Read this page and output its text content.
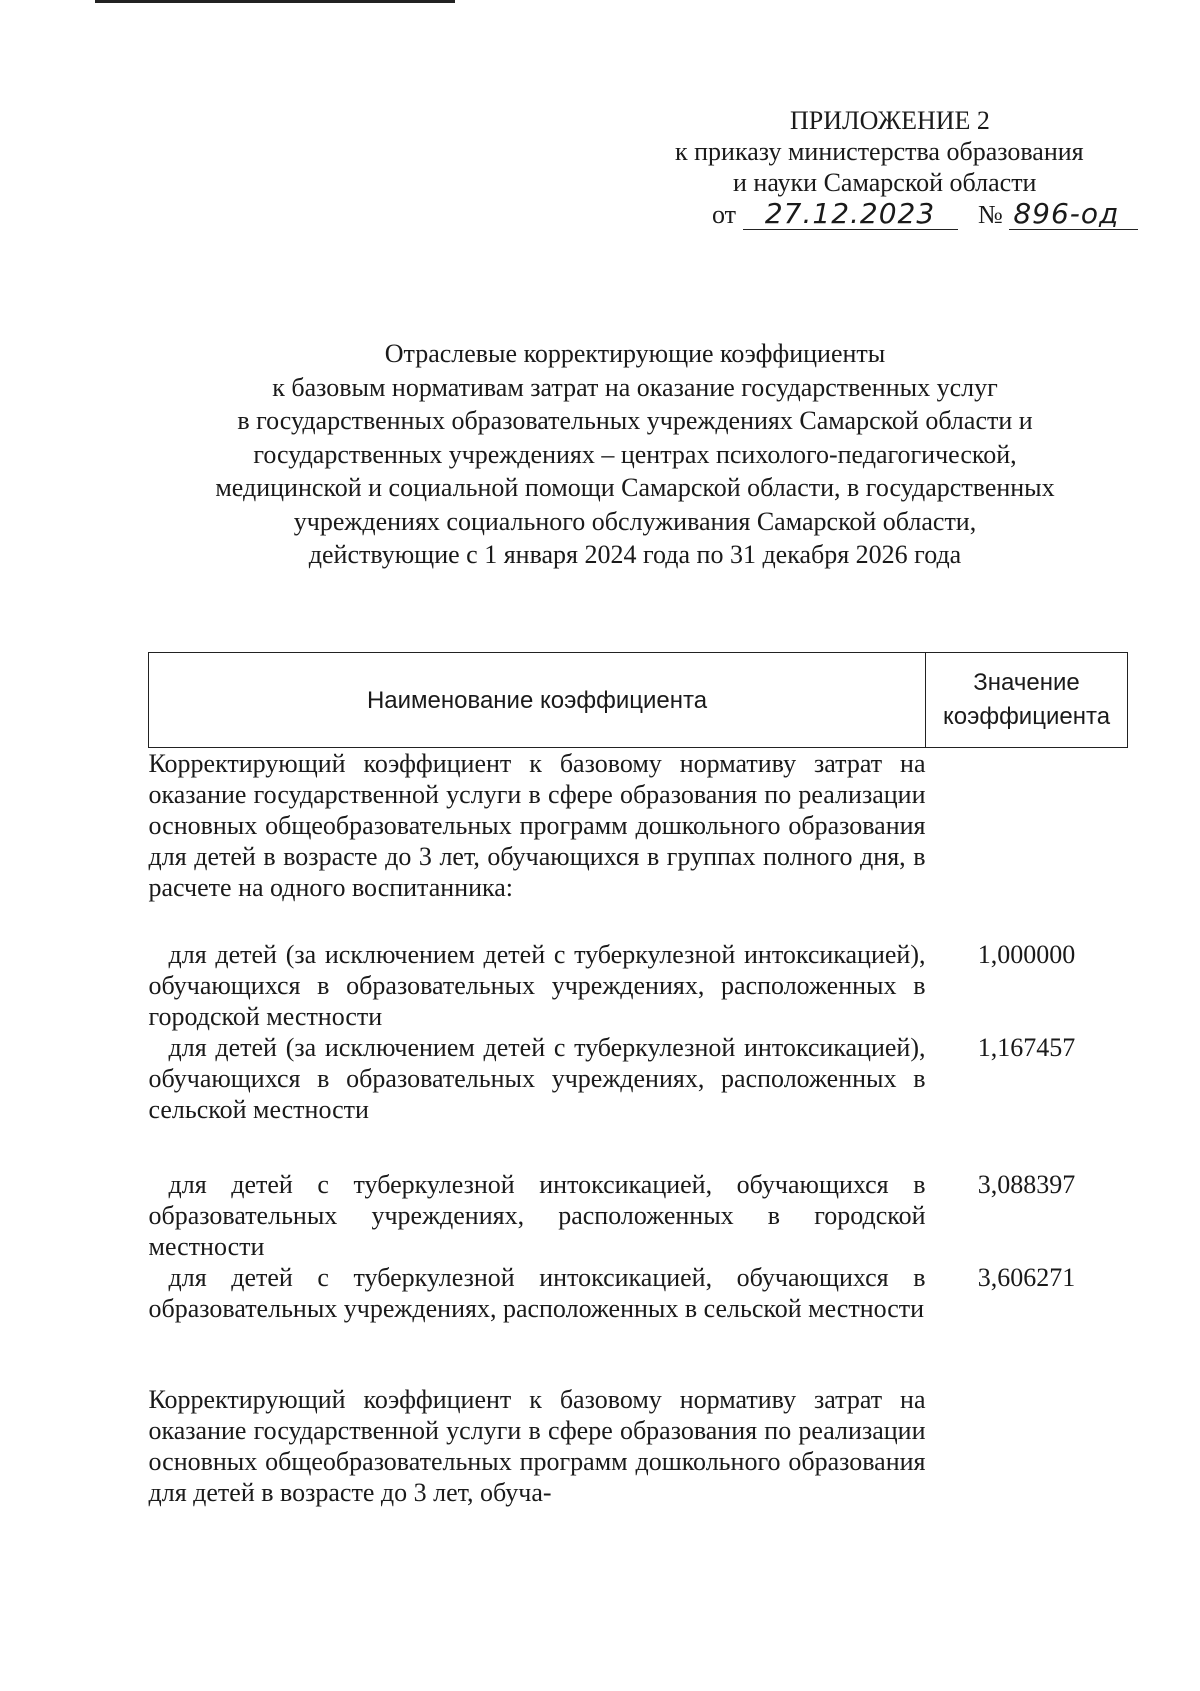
ПРИЛОЖЕНИЕ 2
к приказу министерства образования
и науки Самарской области
от 27.12.2023 № 896-од
Отраслевые корректирующие коэффициенты
к базовым нормативам затрат на оказание государственных услуг
в государственных образовательных учреждениях Самарской области и
государственных учреждениях – центрах психолого-педагогической,
медицинской и социальной помощи Самарской области, в государственных
учреждениях социального обслуживания Самарской области,
действующие с 1 января 2024 года по 31 декабря 2026 года
Наименование коэффициента	Значение
коэффициента

Корректирующий коэффициент к базовому нормативу затрат на оказание государственной услуги в сфере образования по реализации основных общеобразовательных программ дошкольного образования для детей в возрасте до 3 лет, обучающихся в группах полного дня, в расчете на одного воспитанника:	

для детей (за исключением детей с туберкулезной интоксикацией), обучающихся в образовательных учреждениях, расположенных в городской местности	1,000000
для детей (за исключением детей с туберкулезной интоксикацией), обучающихся в образовательных учреждениях, расположенных в сельской местности	1,167457

для детей с туберкулезной интоксикацией, обучающихся в образовательных учреждениях, расположенных в городской местности	3,088397
для детей с туберкулезной интоксикацией, обучающихся в образовательных учреждениях, расположенных в сельской местности	3,606271

Корректирующий коэффициент к базовому нормативу затрат на оказание государственной услуги в сфере образования по реализации основных общеобразовательных программ дошкольного образования для детей в возрасте до 3 лет, обуча-	
